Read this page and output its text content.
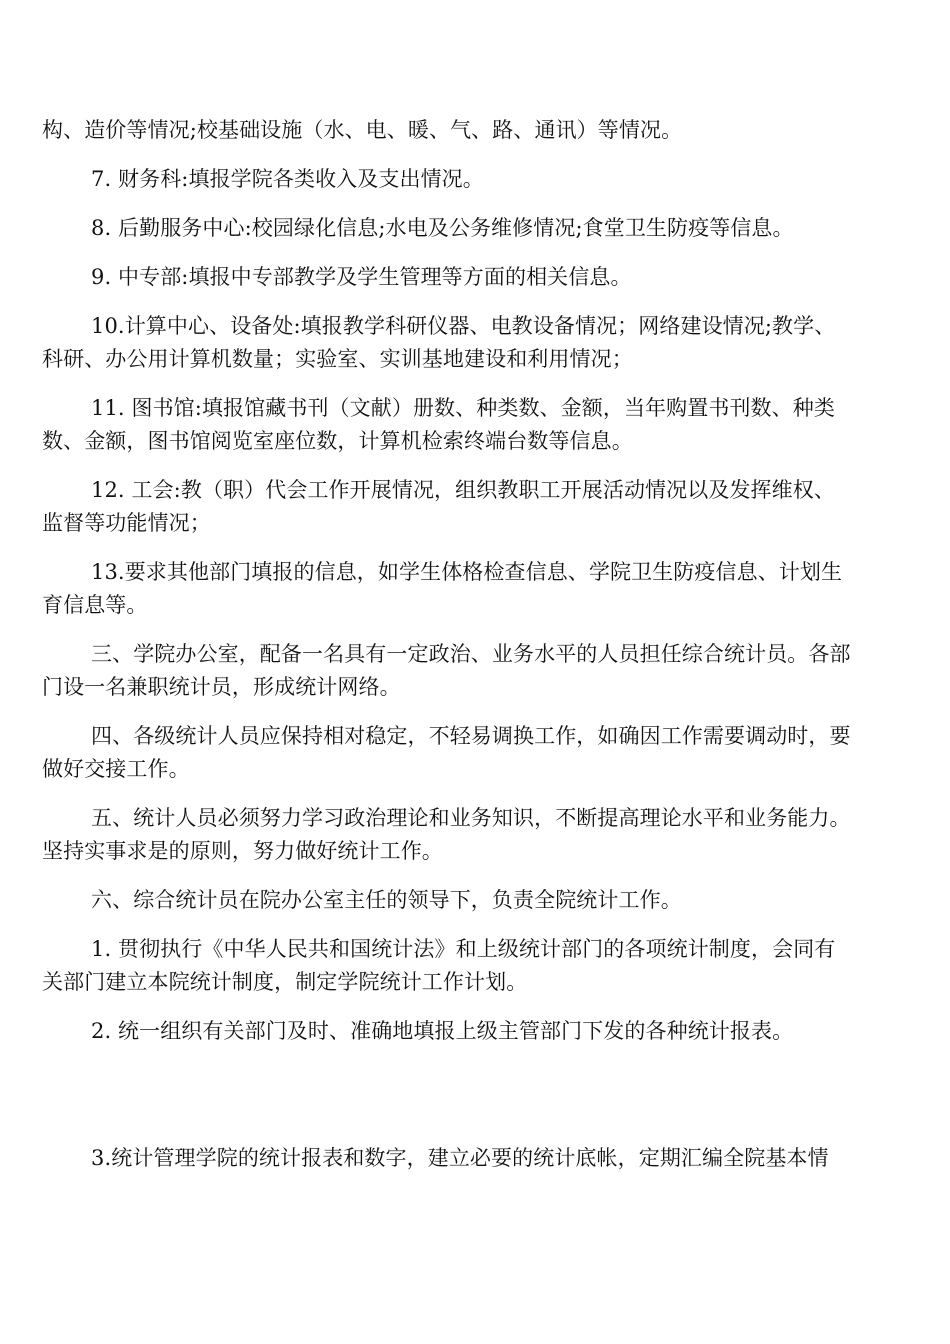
构、造价等情况;校基础设施（水、电、暖、气、路、通讯）等情况。
7. 财务科:填报学院各类收入及支出情况。
8. 后勤服务中心:校园绿化信息;水电及公务维修情况;食堂卫生防疫等信息。
9. 中专部:填报中专部教学及学生管理等方面的相关信息。
10.计算中心、设备处:填报教学科研仪器、电教设备情况；网络建设情况;教学、
科研、办公用计算机数量；实验室、实训基地建设和利用情况；
11. 图书馆:填报馆藏书刊（文献）册数、种类数、金额，当年购置书刊数、种类
数、金额，图书馆阅览室座位数，计算机检索终端台数等信息。
12. 工会:教（职）代会工作开展情况，组织教职工开展活动情况以及发挥维权、
监督等功能情况；
13.要求其他部门填报的信息，如学生体格检查信息、学院卫生防疫信息、计划生
育信息等。
三、学院办公室，配备一名具有一定政治、业务水平的人员担任综合统计员。各部
门设一名兼职统计员，形成统计网络。
四、各级统计人员应保持相对稳定，不轻易调换工作，如确因工作需要调动时，要
做好交接工作。
五、统计人员必须努力学习政治理论和业务知识，不断提高理论水平和业务能力。
坚持实事求是的原则，努力做好统计工作。
六、综合统计员在院办公室主任的领导下，负责全院统计工作。
1. 贯彻执行《中华人民共和国统计法》和上级统计部门的各项统计制度，会同有
关部门建立本院统计制度，制定学院统计工作计划。
2. 统一组织有关部门及时、准确地填报上级主管部门下发的各种统计报表。
3.统计管理学院的统计报表和数字，建立必要的统计底帐，定期汇编全院基本情
